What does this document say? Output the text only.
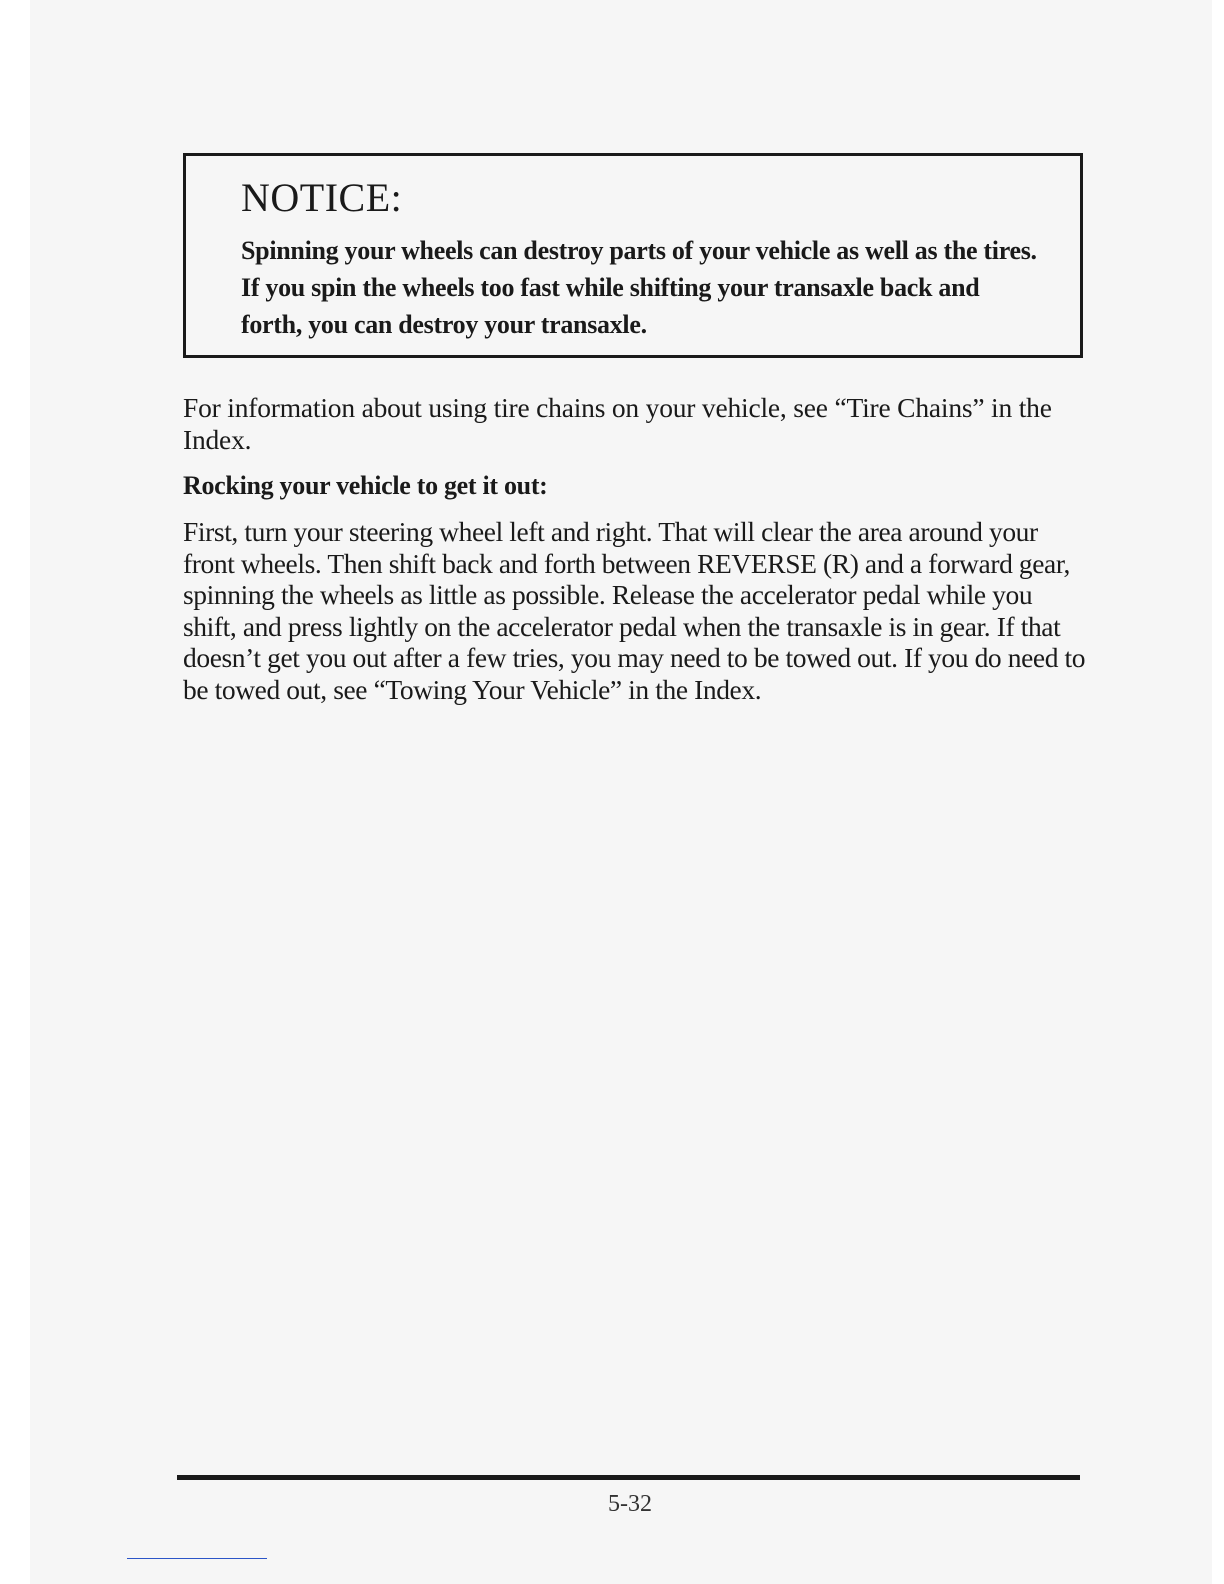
NOTICE:

Spinning your wheels can destroy parts of your vehicle as well as the tires. If you spin the wheels too fast while shifting your transaxle back and forth, you can destroy your transaxle.

For information about using tire chains on your vehicle, see “Tire Chains” in the Index.

Rocking your vehicle to get it out:

First, turn your steering wheel left and right. That will clear the area around your front wheels. Then shift back and forth between REVERSE (R) and a forward gear, spinning the wheels as little as possible. Release the accelerator pedal while you shift, and press lightly on the accelerator pedal when the transaxle is in gear. If that doesn’t get you out after a few tries, you may need to be towed out. If you do need to be towed out, see “Towing Your Vehicle” in the Index.

5-32
